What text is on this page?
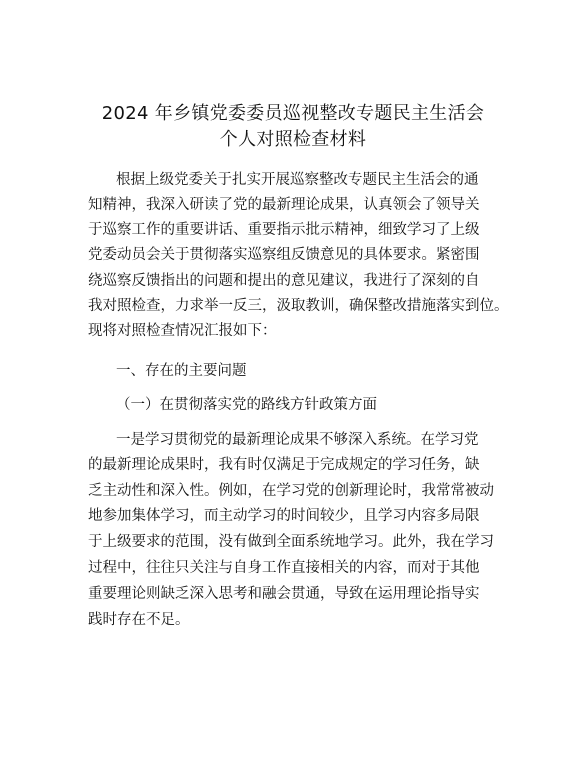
2024 年乡镇党委委员巡视整改专题民主生活会
个人对照检查材料
根据上级党委关于扎实开展巡察整改专题民主生活会的通
知精神，我深入研读了党的最新理论成果，认真领会了领导关
于巡察工作的重要讲话、重要指示批示精神，细致学习了上级
党委动员会关于贯彻落实巡察组反馈意见的具体要求。紧密围
绕巡察反馈指出的问题和提出的意见建议，我进行了深刻的自
我对照检查，力求举一反三，汲取教训，确保整改措施落实到位。
现将对照检查情况汇报如下：
一、存在的主要问题
（一）在贯彻落实党的路线方针政策方面
一是学习贯彻党的最新理论成果不够深入系统。在学习党
的最新理论成果时，我有时仅满足于完成规定的学习任务，缺
乏主动性和深入性。例如，在学习党的创新理论时，我常常被动
地参加集体学习，而主动学习的时间较少，且学习内容多局限
于上级要求的范围，没有做到全面系统地学习。此外，我在学习
过程中，往往只关注与自身工作直接相关的内容，而对于其他
重要理论则缺乏深入思考和融会贯通，导致在运用理论指导实
践时存在不足。
